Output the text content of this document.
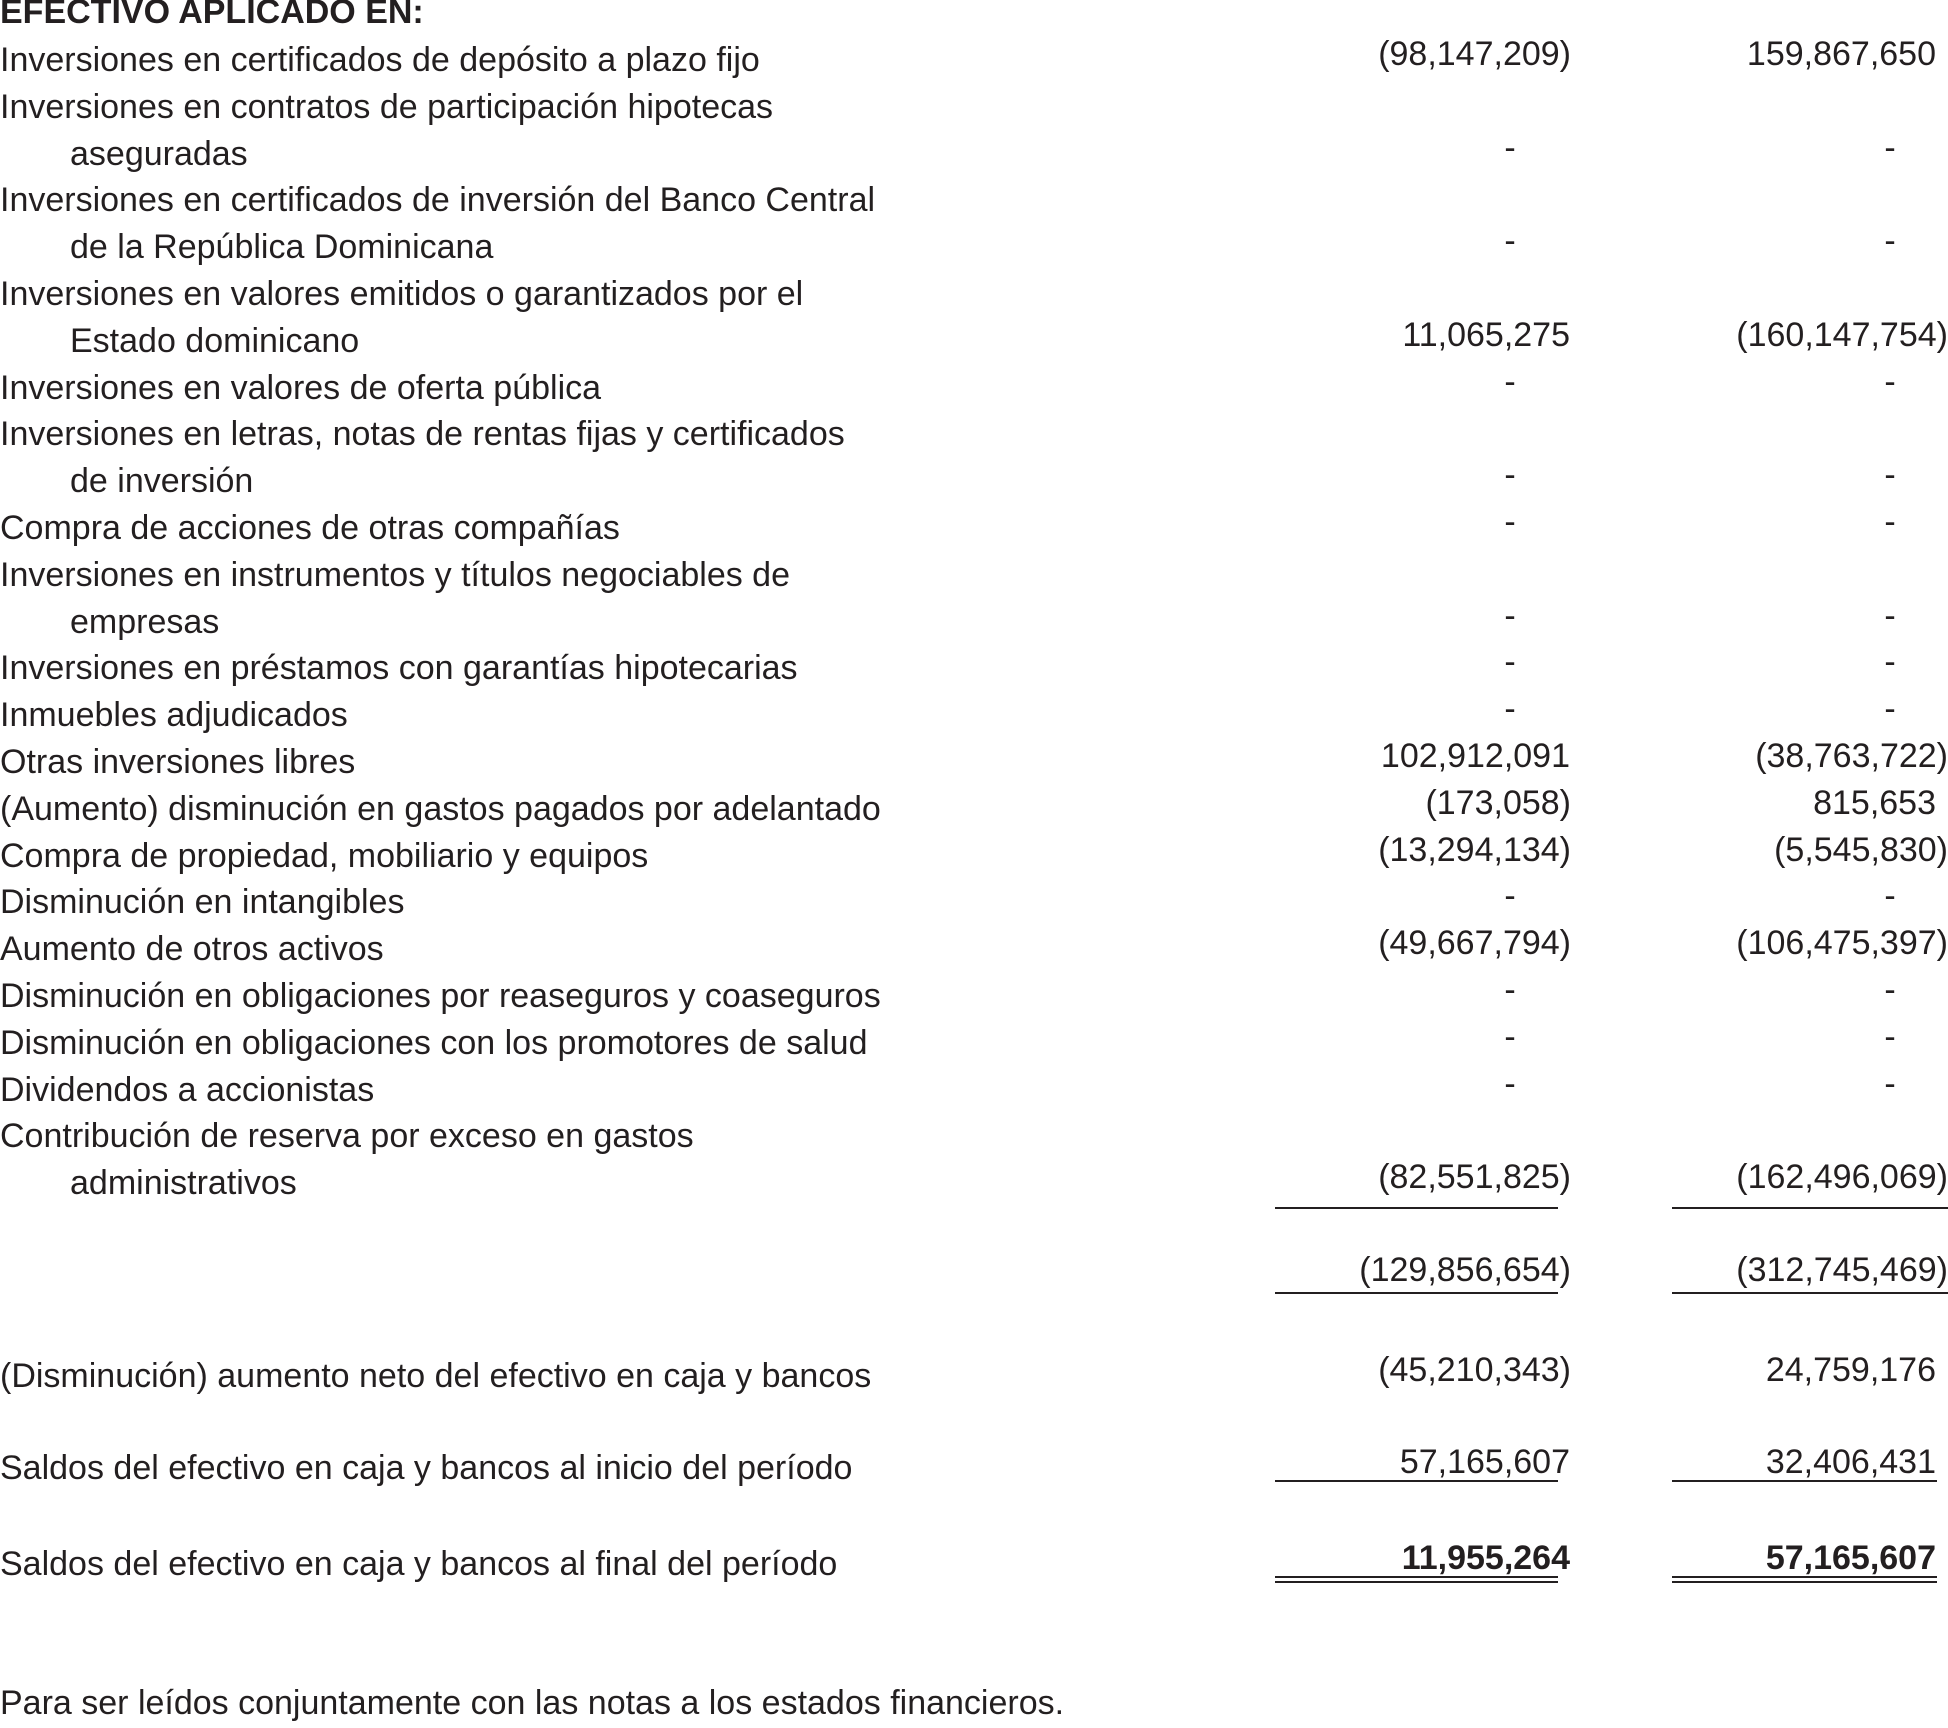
EFECTIVO APLICADO EN:
Inversiones en certificados de depósito a plazo fijo	(98,147,209)	159,867,650
Inversiones en contratos de participación hipotecas
aseguradas	-	-
Inversiones en certificados de inversión del Banco Central
de la República Dominicana	-	-
Inversiones en valores emitidos o garantizados por el
Estado dominicano	11,065,275	(160,147,754)
Inversiones en valores de oferta pública	-	-
Inversiones en letras, notas de rentas fijas y certificados
de inversión	-	-
Compra de acciones de otras compañías	-	-
Inversiones en instrumentos y títulos negociables de
empresas	-	-
Inversiones en préstamos con garantías hipotecarias	-	-
Inmuebles adjudicados	-	-
Otras inversiones libres	102,912,091	(38,763,722)
(Aumento) disminución en gastos pagados por adelantado	(173,058)	815,653
Compra de propiedad, mobiliario y equipos	(13,294,134)	(5,545,830)
Disminución en intangibles	-	-
Aumento de otros activos	(49,667,794)	(106,475,397)
Disminución en obligaciones por reaseguros y coaseguros	-	-
Disminución en obligaciones con los promotores de salud	-	-
Dividendos a accionistas	-	-
Contribución de reserva por exceso en gastos
administrativos	(82,551,825)	(162,496,069)
(129,856,654)	(312,745,469)
(Disminución) aumento neto del efectivo en caja y bancos	(45,210,343)	24,759,176
Saldos del efectivo en caja y bancos al inicio del período	57,165,607	32,406,431
Saldos del efectivo en caja y bancos al final del período	11,955,264	57,165,607
Para ser leídos conjuntamente con las notas a los estados financieros.
